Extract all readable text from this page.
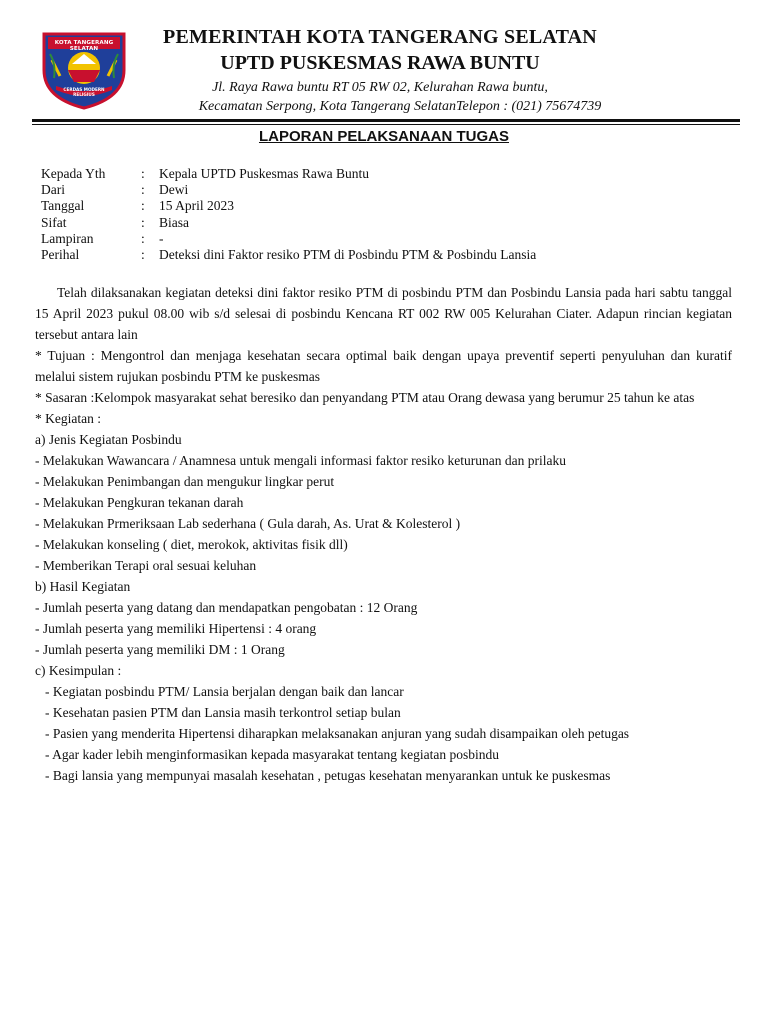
KOTA TANGERANG SELATAN
CERDAS MODERN RELIGIUS
PEMERINTAH KOTA TANGERANG SELATAN
UPTD PUSKESMAS RAWA BUNTU
Jl. Raya Rawa buntu RT 05 RW 02, Kelurahan Rawa buntu,
Kecamatan Serpong, Kota Tangerang SelatanTelepon : (021) 75674739
LAPORAN PELAKSANAAN TUGAS
Kepada Yth	:	Kepala UPTD Puskesmas Rawa Buntu
Dari	:	Dewi
Tanggal	:	15 April 2023
Sifat	:	Biasa
Lampiran	:	-
Perihal	:	Deteksi dini Faktor resiko PTM di Posbindu PTM & Posbindu Lansia

Telah dilaksanakan kegiatan deteksi dini faktor resiko PTM di posbindu PTM dan Posbindu Lansia pada hari sabtu tanggal 15 April 2023 pukul 08.00 wib s/d selesai di posbindu Kencana RT 002 RW 005 Kelurahan Ciater. Adapun rincian kegiatan tersebut antara lain

* Tujuan : Mengontrol dan menjaga kesehatan secara optimal baik dengan upaya preventif seperti penyuluhan dan kuratif melalui sistem rujukan posbindu PTM ke puskesmas

* Sasaran :Kelompok masyarakat sehat beresiko dan penyandang PTM atau Orang dewasa yang berumur 25 tahun ke atas

* Kegiatan :

a) Jenis Kegiatan Posbindu

- Melakukan Wawancara / Anamnesa untuk mengali informasi faktor resiko keturunan dan prilaku

- Melakukan Penimbangan dan mengukur lingkar perut

- Melakukan Pengkuran tekanan darah

- Melakukan Prmeriksaan Lab sederhana ( Gula darah, As. Urat & Kolesterol )

- Melakukan konseling ( diet, merokok, aktivitas fisik dll)

- Memberikan Terapi oral sesuai keluhan

b) Hasil Kegiatan

- Jumlah peserta yang datang dan mendapatkan pengobatan : 12 Orang

- Jumlah peserta yang memiliki Hipertensi : 4 orang

- Jumlah peserta yang memiliki DM : 1 Orang

c) Kesimpulan :

- Kegiatan posbindu PTM/ Lansia berjalan dengan baik dan lancar

- Kesehatan pasien PTM dan Lansia masih terkontrol setiap bulan

- Pasien yang menderita Hipertensi diharapkan melaksanakan anjuran yang sudah disampaikan oleh petugas

- Agar kader lebih menginformasikan kepada masyarakat tentang kegiatan posbindu

- Bagi lansia yang mempunyai masalah kesehatan , petugas kesehatan menyarankan untuk ke puskesmas
